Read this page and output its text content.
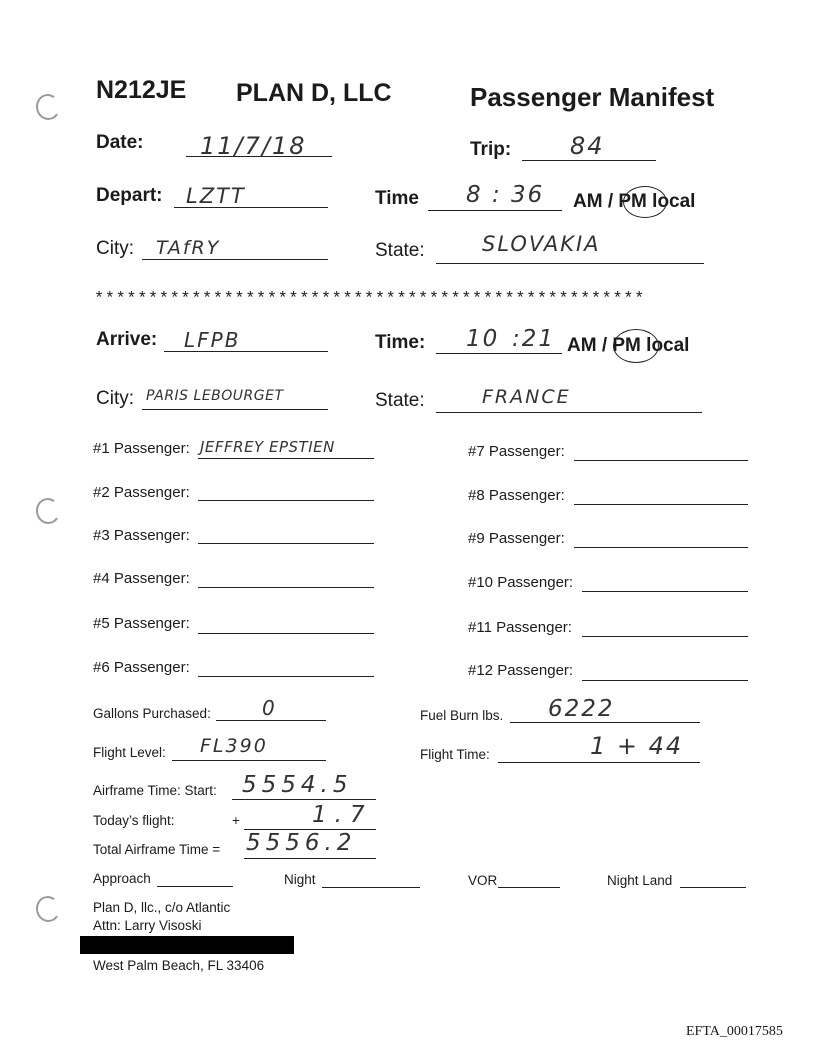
N212JE PLAN D, LLC	Passenger Manifest
Date: 11/7/18	Trip: 84
Depart: LZTT	Time 8 : 36 AM / PM local
City: TAfRY	State:	SLOVAKIA
***************************************************
Arrive: LFPB	Time: 10 :21 AM / PM local
City: PARIS LEBOURGET	State:	FRANCE
#1 Passenger: JEFFREY EPSTIEN
#2 Passenger:
#3 Passenger:
#4 Passenger:
#5 Passenger:
#6 Passenger:
#7 Passenger:
#8 Passenger:
#9 Passenger:
#10 Passenger:
#11 Passenger:
#12 Passenger:
Gallons Purchased:	0	Fuel Burn lbs. 6222
Flight Level: FL390	Flight Time:	1 + 44
Airframe Time: Start: 5554.5
Today’s flight:	+	1.7
Total Airframe Time = 5556.2
Approach	Night	VOR	Night Land
Plan D, llc., c/o Atlantic
Attn: Larry Visoski
West Palm Beach, FL 33406
EFTA_00017585
